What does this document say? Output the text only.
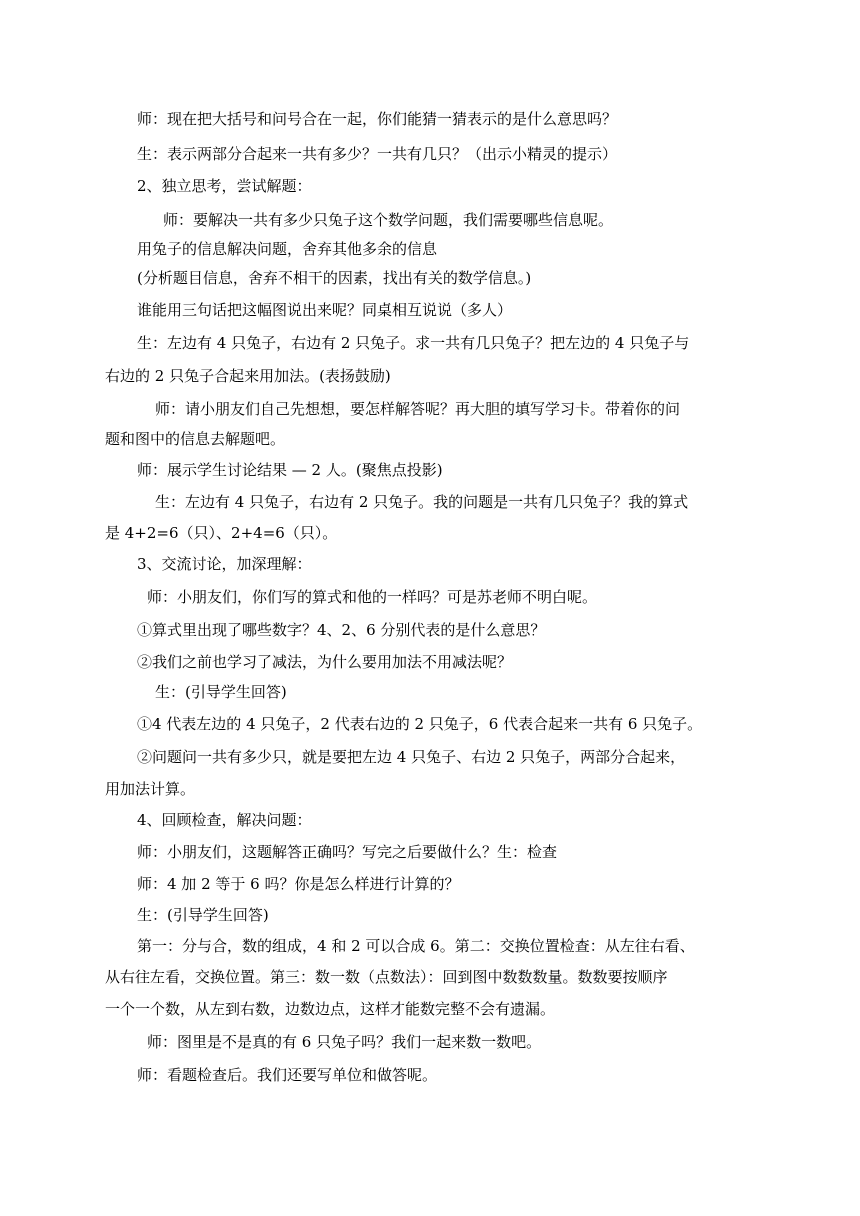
师：现在把大括号和问号合在一起，你们能猜一猜表示的是什么意思吗？

生：表示两部分合起来一共有多少？一共有几只？（出示小精灵的提示）

2、独立思考，尝试解题：

师：要解决一共有多少只兔子这个数学问题，我们需要哪些信息呢。

用兔子的信息解决问题，舍弃其他多余的信息

(分析题目信息，舍弃不相干的因素，找出有关的数学信息。)

谁能用三句话把这幅图说出来呢？同桌相互说说（多人）

生：左边有 4 只兔子，右边有 2 只兔子。求一共有几只兔子？把左边的 4 只兔子与

右边的 2 只兔子合起来用加法。(表扬鼓励)

师：请小朋友们自己先想想，要怎样解答呢？再大胆的填写学习卡。带着你的问

题和图中的信息去解题吧。

师：展示学生讨论结果 — 2 人。(聚焦点投影)

生：左边有 4 只兔子，右边有 2 只兔子。我的问题是一共有几只兔子？我的算式

是 4+2=6（只）、2+4=6（只）。

3、交流讨论，加深理解：

师：小朋友们，你们写的算式和他的一样吗？可是苏老师不明白呢。

①算式里出现了哪些数字？4、2、6 分别代表的是什么意思？

②我们之前也学习了减法，为什么要用加法不用减法呢？

生：(引导学生回答)

①4 代表左边的 4 只兔子，2 代表右边的 2 只兔子，6 代表合起来一共有 6 只兔子。

②问题问一共有多少只，就是要把左边 4 只兔子、右边 2 只兔子，两部分合起来，

用加法计算。

4、回顾检查，解决问题：

师：小朋友们，这题解答正确吗？写完之后要做什么？生：检查

师：4 加 2 等于 6 吗？你是怎么样进行计算的？

生：(引导学生回答)

第一：分与合，数的组成，4 和 2 可以合成 6。第二：交换位置检查：从左往右看、

从右往左看，交换位置。第三：数一数（点数法）：回到图中数数数量。数数要按顺序

一个一个数，从左到右数，边数边点，这样才能数完整不会有遗漏。

师：图里是不是真的有 6 只兔子吗？我们一起来数一数吧。

师：看题检查后。我们还要写单位和做答呢。
